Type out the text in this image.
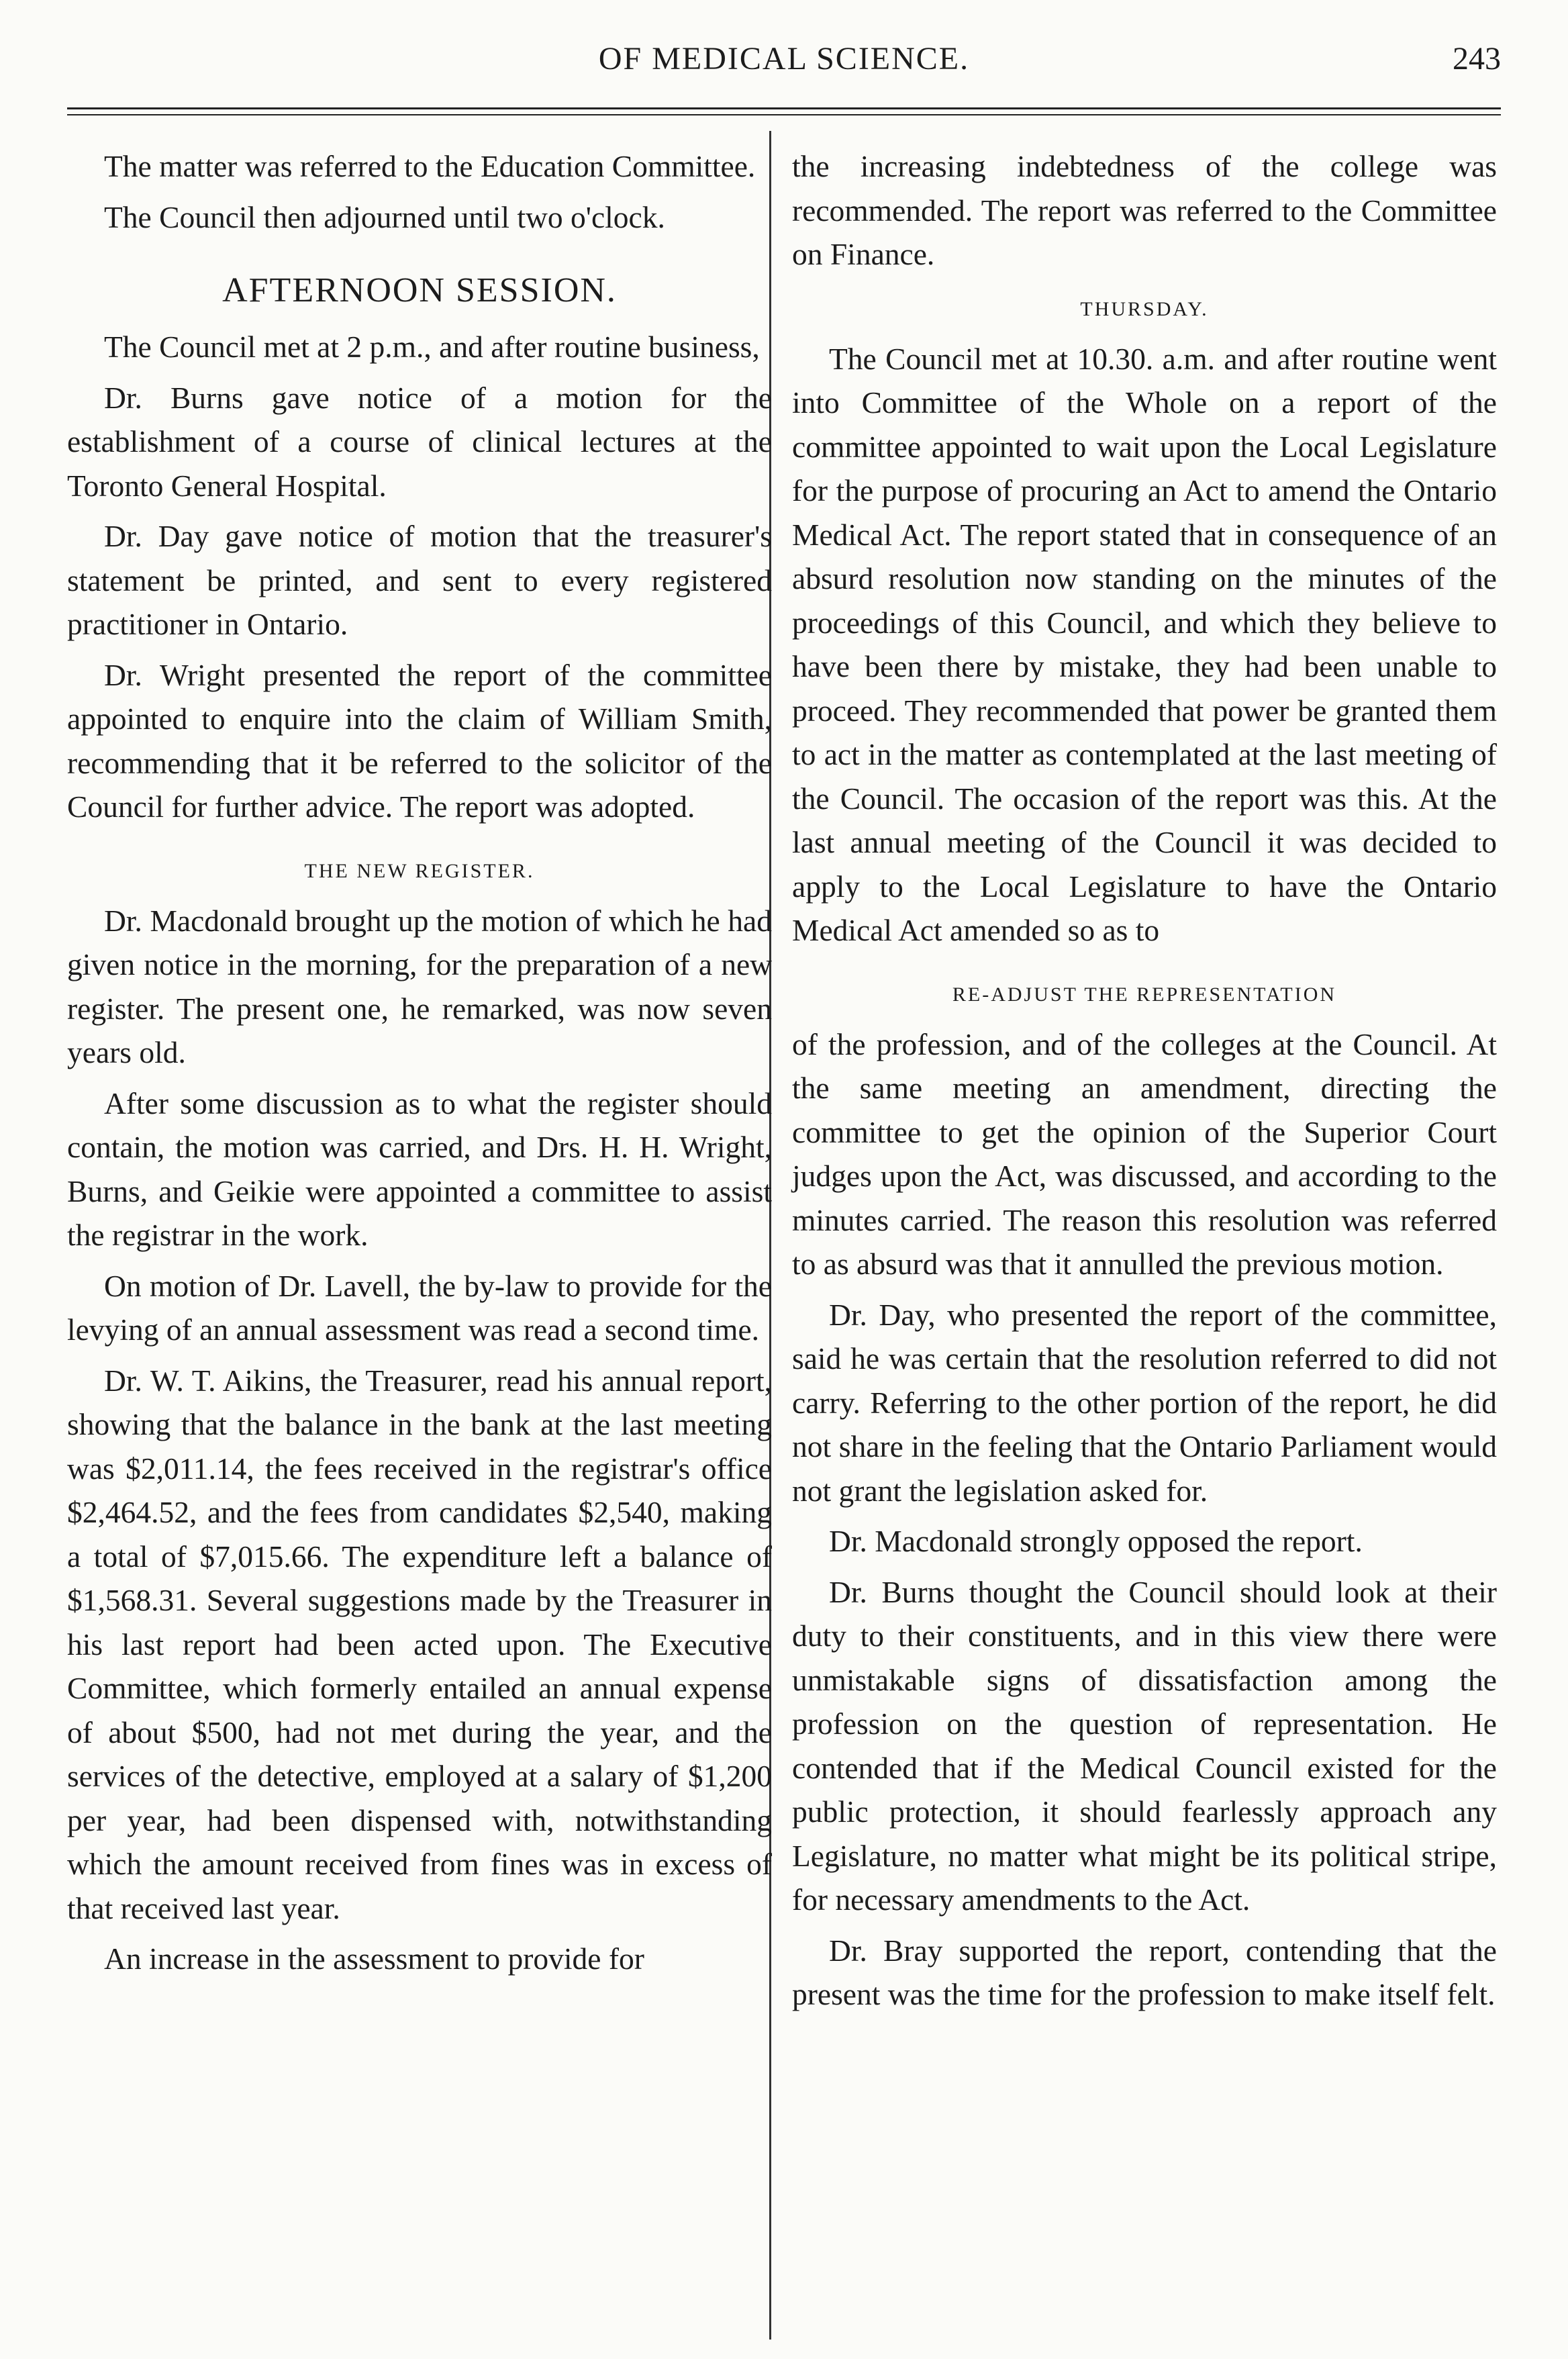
OF MEDICAL SCIENCE.	243

The matter was referred to the Education Committee.

The Council then adjourned until two o'clock.

AFTERNOON SESSION.

The Council met at 2 p.m., and after routine business,

Dr. Burns gave notice of a motion for the establishment of a course of clinical lectures at the Toronto General Hospital.

Dr. Day gave notice of motion that the treasurer's statement be printed, and sent to every registered practitioner in Ontario.

Dr. Wright presented the report of the committee appointed to enquire into the claim of William Smith, recommending that it be referred to the solicitor of the Council for further advice. The report was adopted.

THE NEW REGISTER.

Dr. Macdonald brought up the motion of which he had given notice in the morning, for the preparation of a new register. The present one, he remarked, was now seven years old.

After some discussion as to what the register should contain, the motion was carried, and Drs. H. H. Wright, Burns, and Geikie were appointed a committee to assist the registrar in the work.

On motion of Dr. Lavell, the by-law to provide for the levying of an annual assessment was read a second time.

Dr. W. T. Aikins, the Treasurer, read his annual report, showing that the balance in the bank at the last meeting was $2,011.14, the fees received in the registrar's office $2,464.52, and the fees from candidates $2,540, making a total of $7,015.66. The expenditure left a balance of $1,568.31. Several suggestions made by the Treasurer in his last report had been acted upon. The Executive Committee, which formerly entailed an annual expense of about $500, had not met during the year, and the services of the detective, employed at a salary of $1,200 per year, had been dispensed with, notwithstanding which the amount received from fines was in excess of that received last year.

An increase in the assessment to provide for

the increasing indebtedness of the college was recommended. The report was referred to the Committee on Finance.

THURSDAY.

The Council met at 10.30. a.m. and after routine went into Committee of the Whole on a report of the committee appointed to wait upon the Local Legislature for the purpose of procuring an Act to amend the Ontario Medical Act. The report stated that in consequence of an absurd resolution now standing on the minutes of the proceedings of this Council, and which they believe to have been there by mistake, they had been unable to proceed. They recommended that power be granted them to act in the matter as contemplated at the last meeting of the Council. The occasion of the report was this. At the last annual meeting of the Council it was decided to apply to the Local Legislature to have the Ontario Medical Act amended so as to

RE-ADJUST THE REPRESENTATION

of the profession, and of the colleges at the Council. At the same meeting an amendment, directing the committee to get the opinion of the Superior Court judges upon the Act, was discussed, and according to the minutes carried. The reason this resolution was referred to as absurd was that it annulled the previous motion.

Dr. Day, who presented the report of the committee, said he was certain that the resolution referred to did not carry. Referring to the other portion of the report, he did not share in the feeling that the Ontario Parliament would not grant the legislation asked for.

Dr. Macdonald strongly opposed the report.

Dr. Burns thought the Council should look at their duty to their constituents, and in this view there were unmistakable signs of dissatisfaction among the profession on the question of representation. He contended that if the Medical Council existed for the public protection, it should fearlessly approach any Legislature, no matter what might be its political stripe, for necessary amendments to the Act.

Dr. Bray supported the report, contending that the present was the time for the profession to make itself felt.
